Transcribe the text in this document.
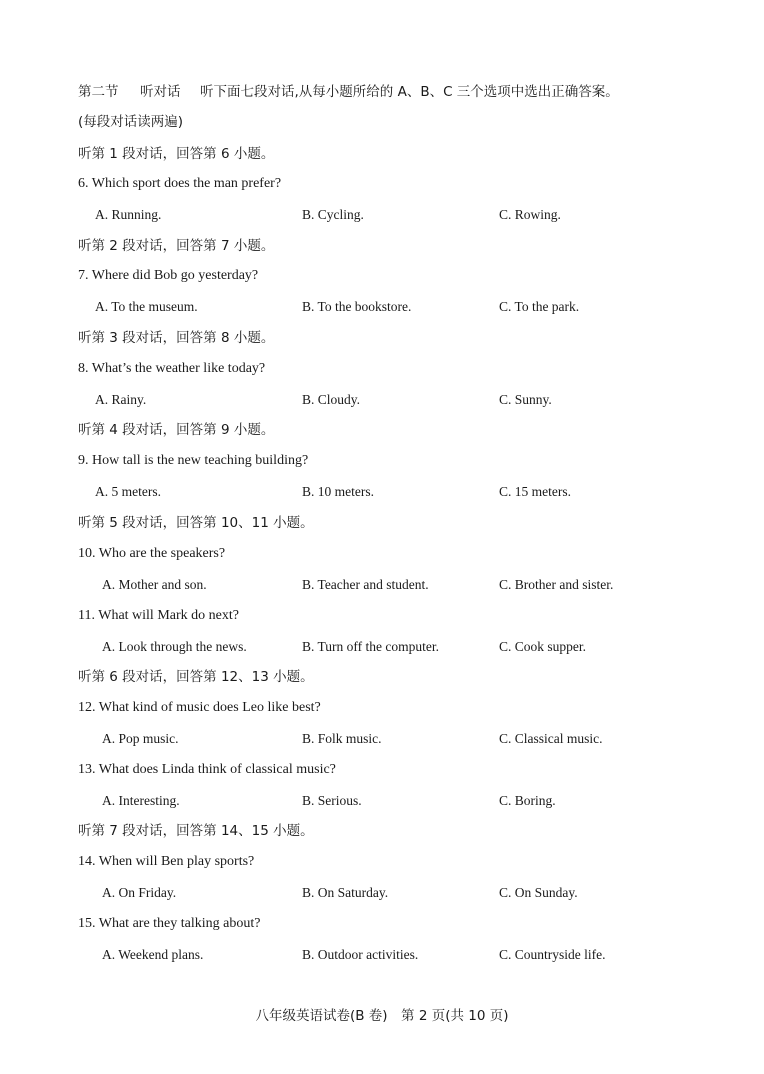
第二节 听对话 听下面七段对话,从每小题所给的 A、B、C 三个选项中选出正确答案。
(每段对话读两遍)
听第 1 段对话，回答第 6 小题。
6. Which sport does the man prefer?
A. Running.	B. Cycling.	C. Rowing.
听第 2 段对话，回答第 7 小题。
7. Where did Bob go yesterday?
A. To the museum.	B. To the bookstore.	C. To the park.
听第 3 段对话，回答第 8 小题。
8. What’s the weather like today?
A. Rainy.	B. Cloudy.	C. Sunny.
听第 4 段对话，回答第 9 小题。
9. How tall is the new teaching building?
A. 5 meters.	B. 10 meters.	C. 15 meters.
听第 5 段对话，回答第 10、11 小题。
10. Who are the speakers?
A. Mother and son.	B. Teacher and student.	C. Brother and sister.
11. What will Mark do next?
A. Look through the news.	B. Turn off the computer.	C. Cook supper.
听第 6 段对话，回答第 12、13 小题。
12. What kind of music does Leo like best?
A. Pop music.	B. Folk music.	C. Classical music.
13. What does Linda think of classical music?
A. Interesting.	B. Serious.	C. Boring.
听第 7 段对话，回答第 14、15 小题。
14. When will Ben play sports?
A. On Friday.	B. On Saturday.	C. On Sunday.
15. What are they talking about?
A. Weekend plans.	B. Outdoor activities.	C. Countryside life.
八年级英语试卷(B 卷)　第 2 页(共 10 页)
